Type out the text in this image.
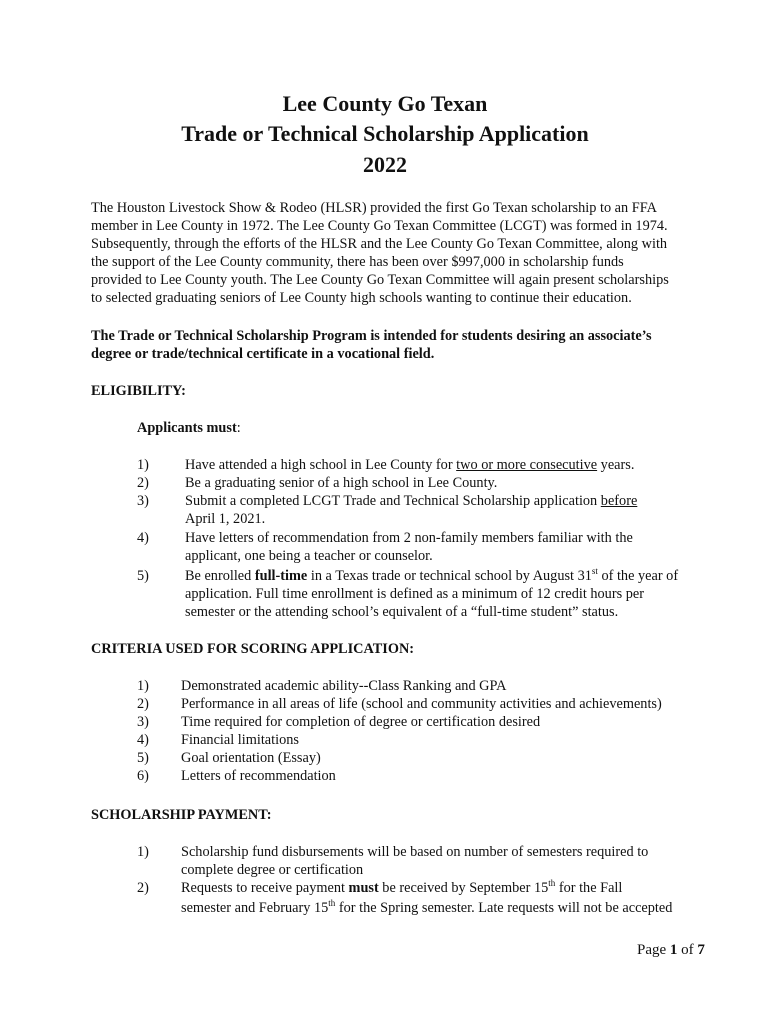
Lee County Go Texan
Trade or Technical Scholarship Application
2022
The Houston Livestock Show & Rodeo (HLSR) provided the first Go Texan scholarship to an FFA
member in Lee County in 1972. The Lee County Go Texan Committee (LCGT) was formed in 1974.
Subsequently, through the efforts of the HLSR and the Lee County Go Texan Committee, along with
the support of the Lee County community, there has been over $997,000 in scholarship funds
provided to Lee County youth. The Lee County Go Texan Committee will again present scholarships
to selected graduating seniors of Lee County high schools wanting to continue their education.
The Trade or Technical Scholarship Program is intended for students desiring an associate’s
degree or trade/technical certificate in a vocational field.
ELIGIBILITY:
Applicants must:
1)	Have attended a high school in Lee County for two or more consecutive years.
2)	Be a graduating senior of a high school in Lee County.
3)	Submit a completed LCGT Trade and Technical Scholarship application before
April 1, 2021.
4)	Have letters of recommendation from 2 non-family members familiar with the
applicant, one being a teacher or counselor.
5)	Be enrolled full-time in a Texas trade or technical school by August 31st of the year of
application. Full time enrollment is defined as a minimum of 12 credit hours per
semester or the attending school’s equivalent of a “full-time student” status.
CRITERIA USED FOR SCORING APPLICATION:
1) Demonstrated academic ability--Class Ranking and GPA
2) Performance in all areas of life (school and community activities and achievements)
3) Time required for completion of degree or certification desired
4) Financial limitations
5) Goal orientation (Essay)
6) Letters of recommendation
SCHOLARSHIP PAYMENT:
1) Scholarship fund disbursements will be based on number of semesters required to
complete degree or certification
2) Requests to receive payment must be received by September 15th for the Fall
semester and February 15th for the Spring semester. Late requests will not be accepted
Page 1 of 7
